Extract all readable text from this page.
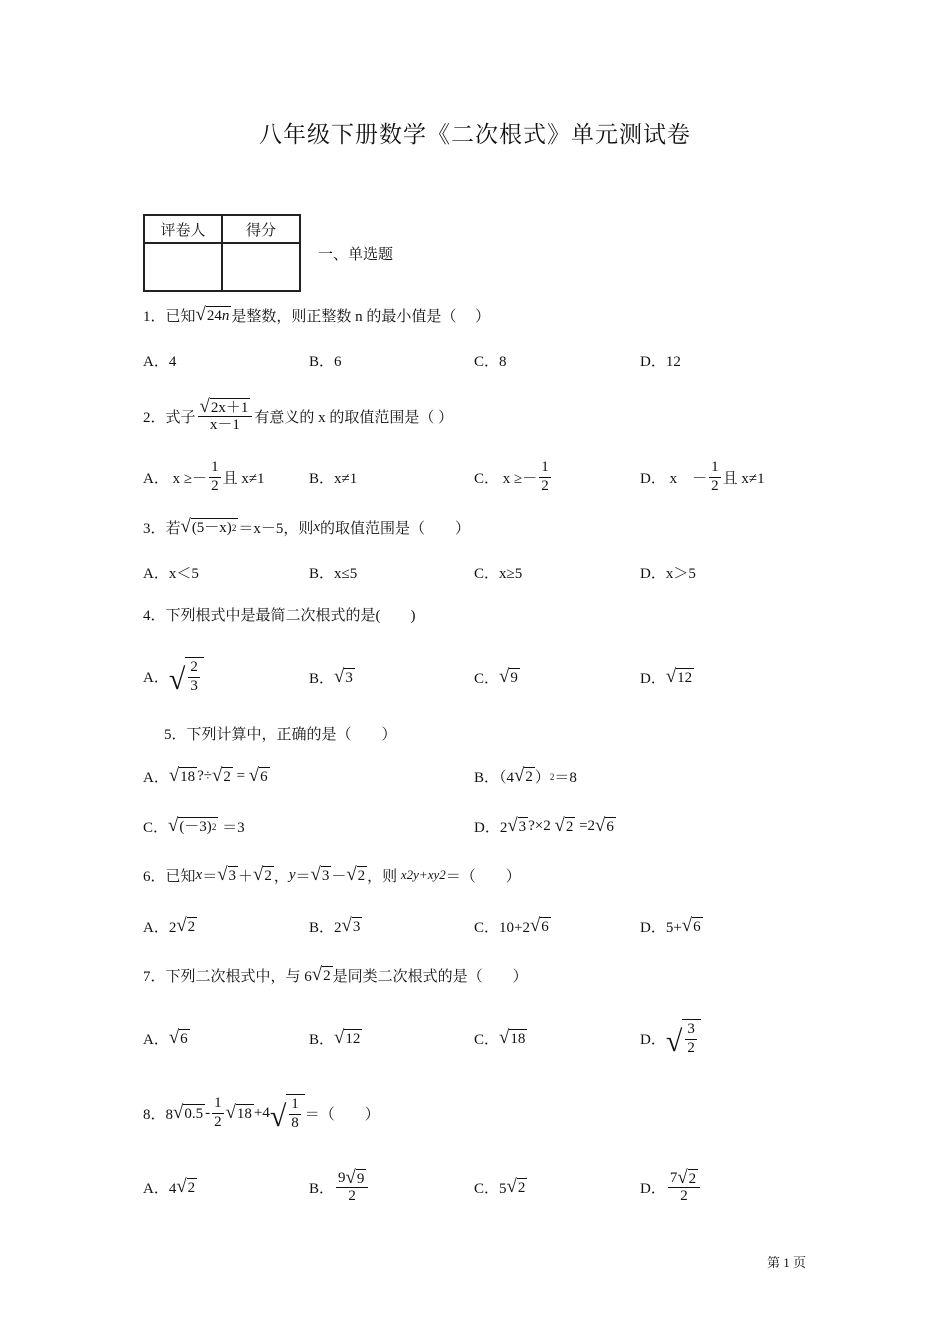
八年级下册数学《二次根式》单元测试卷
评卷人	得分

一、单选题
1．已知 √ 24 n 是整数，则正整数 n 的最小值是（　 ）
A．4	B．6	C．8	D．12
2．式子 $\frac{√ 2x+1}{x-1}$ 有意义的 x 的取值范围是（ ）
A．
$x \ge- \frac{1}{2}$ 且 x≠1	B．x≠1	C．
$x \ge- \frac{1}{2}$	D．
x　－ $\frac{1}{2}$ 且 x≠1
3．若 √ $(5-x)^2 =x-5$，则 x 的取值范围是（　　）
A．x＜5	B．x≤5	C．x≥5	D．x＞5
4．下列根式中是最简二次根式的是(　　)
A． √ $\frac{2}{3}$	B． √ 3	C． √ 9	D． √ 12
5．下列计算中，正确的是（　　）
A． √ 18 ?÷ √ 2
=
√ 6	B．（4 √ 2 ）$^2$ ＝8
C． √ $(-3)^2$
＝3	D．2 √ 3 ?×2
√ 2
=2 √ 6
6．已知 x ＝ √ 3 ＋ √ 2 ， y ＝ √ 3 － √ 2 ，则
x2y+xy2 ＝（　　）
A．2 √ 2	B．2 √ 3	C．10+2 √ 6	D．5+ √ 6
7．下列二次根式中，与 6 √ 2 是同类二次根式的是（　　）
A． √ 6	B． √ 12	C． √ 18	D． √ $\frac{3}{2}$
8．8 √ $0.5 - \frac{1}{2}$ √ 18 +4 √ $\frac{1}{8}$ ＝（　　）
A．4 √ 2	B． $\frac{9 √ 9}{2}$	C．5 √ 2	D． $\frac{7 √ 2}{2}$
第 1 页
